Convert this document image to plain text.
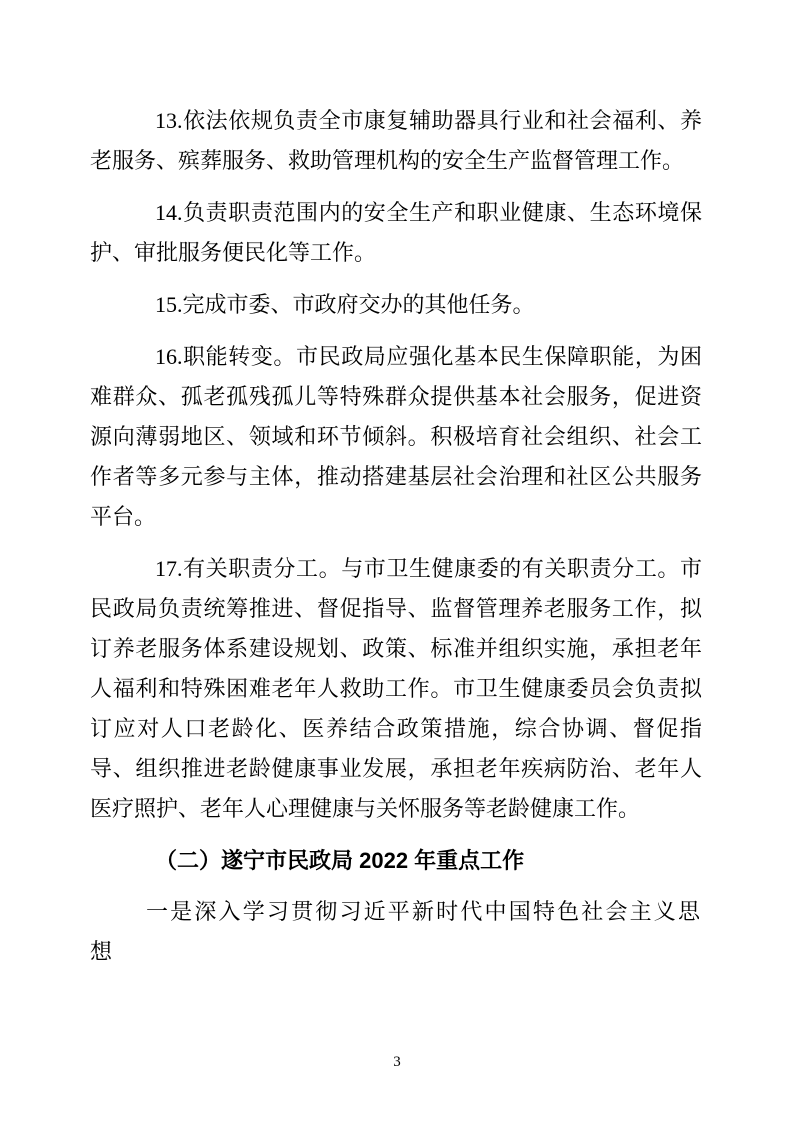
13.依法依规负责全市康复辅助器具行业和社会福利、养老服务、殡葬服务、救助管理机构的安全生产监督管理工作。

14.负责职责范围内的安全生产和职业健康、生态环境保护、审批服务便民化等工作。

15.完成市委、市政府交办的其他任务。

16.职能转变。市民政局应强化基本民生保障职能，为困难群众、孤老孤残孤儿等特殊群众提供基本社会服务，促进资源向薄弱地区、领域和环节倾斜。积极培育社会组织、社会工作者等多元参与主体，推动搭建基层社会治理和社区公共服务平台。

17.有关职责分工。与市卫生健康委的有关职责分工。市民政局负责统筹推进、督促指导、监督管理养老服务工作，拟订养老服务体系建设规划、政策、标准并组织实施，承担老年人福利和特殊困难老年人救助工作。市卫生健康委员会负责拟订应对人口老龄化、医养结合政策措施，综合协调、督促指导、组织推进老龄健康事业发展，承担老年疾病防治、老年人医疗照护、老年人心理健康与关怀服务等老龄健康工作。

（二）遂宁市民政局 2022 年重点工作

一是深入学习贯彻习近平新时代中国特色社会主义思想

3
